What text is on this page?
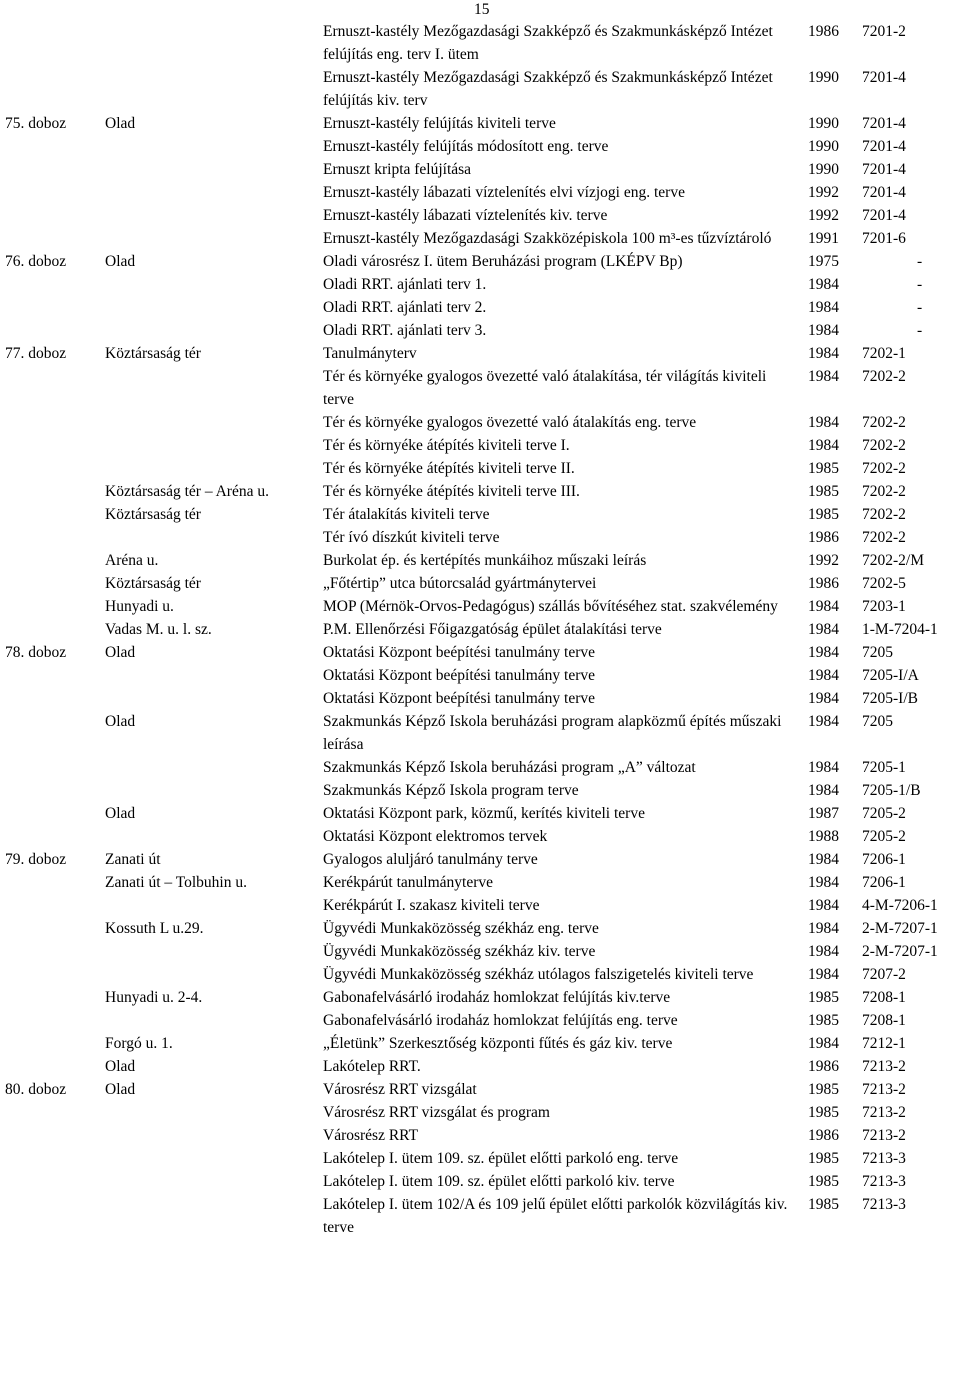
15
Ernuszt-kastély Mezőgazdasági Szakképző és Szakmunkásképző Intézet felújítás eng. terv I. ütem
1986 7201-2
Ernuszt-kastély Mezőgazdasági Szakképző és Szakmunkásképző Intézet felújítás kiv. terv
1990 7201-4
75. doboz	Olad	Ernuszt-kastély felújítás kiviteli terve	1990 7201-4
Ernuszt-kastély felújítás módosított eng. terve	1990 7201-4
Ernuszt kripta felújítása	1990 7201-4
Ernuszt-kastély lábazati víztelenítés elvi vízjogi eng. terve	1992 7201-4
Ernuszt-kastély lábazati víztelenítés kiv. terve	1992 7201-4
Ernuszt-kastély Mezőgazdasági Szakközépiskola 100 m³-es tűzvíztároló	1991 7201-6
76. doboz	Olad	Oladi városrész I. ütem Beruházási program (LKÉPV Bp)	1975	-
Oladi RRT. ajánlati terv 1.	1984	-
Oladi RRT. ajánlati terv 2.	1984	-
Oladi RRT. ajánlati terv 3.	1984	-
77. doboz	Köztársaság tér	Tanulmányterv	1984 7202-1
Tér és környéke gyalogos övezetté való átalakítása, tér világítás kiviteli terve
1984 7202-2
Tér és környéke gyalogos övezetté való átalakítás eng. terve	1984 7202-2
Tér és környéke átépítés kiviteli terve I.	1984 7202-2
Tér és környéke átépítés kiviteli terve II.	1985 7202-2
Köztársaság tér – Aréna u.	Tér és környéke átépítés kiviteli terve III.	1985 7202-2
Köztársaság tér	Tér átalakítás kiviteli terve	1985 7202-2
Tér ívó díszkút kiviteli terve	1986 7202-2
Aréna u.	Burkolat ép. és kertépítés munkáihoz műszaki leírás	1992 7202-2/M
Köztársaság tér	„Főtértip” utca bútorcsalád gyártmánytervei	1986 7202-5
Hunyadi u.	MOP (Mérnök-Orvos-Pedagógus) szállás bővítéséhez stat. szakvélemény	1984 7203-1
Vadas M. u. l. sz.	P.M. Ellenőrzési Főigazgatóság épület átalakítási terve	1984 1-M-7204-1
78. doboz	Olad	Oktatási Központ beépítési tanulmány terve	1984 7205
Oktatási Központ beépítési tanulmány terve	1984 7205-I/A
Oktatási Központ beépítési tanulmány terve	1984 7205-I/B
Olad	Szakmunkás Képző Iskola beruházási program alapközmű építés műszaki leírása
1984 7205
Szakmunkás Képző Iskola beruházási program „A” változat	1984 7205-1
Szakmunkás Képző Iskola program terve	1984 7205-1/B
Olad	Oktatási Központ park, közmű, kerítés kiviteli terve	1987 7205-2
Oktatási Központ elektromos tervek	1988 7205-2
79. doboz	Zanati út	Gyalogos aluljáró tanulmány terve	1984 7206-1
Zanati út – Tolbuhin u.	Kerékpárút tanulmányterve	1984 7206-1
Kerékpárút I. szakasz kiviteli terve	1984 4-M-7206-1
Kossuth L u.29.	Ügyvédi Munkaközösség székház eng. terve	1984 2-M-7207-1
Ügyvédi Munkaközösség székház kiv. terve	1984 2-M-7207-1
Ügyvédi Munkaközösség székház utólagos falszigetelés kiviteli terve	1984 7207-2
Hunyadi u. 2-4.	Gabonafelvásárló irodaház homlokzat felújítás kiv.terve	1985 7208-1
Gabonafelvásárló irodaház homlokzat felújítás eng. terve	1985 7208-1
Forgó u. 1.	„Életünk” Szerkesztőség központi fűtés és gáz kiv. terve	1984 7212-1
Olad	Lakótelep RRT.	1986 7213-2
80. doboz	Olad	Városrész RRT vizsgálat	1985 7213-2
Városrész RRT vizsgálat és program	1985 7213-2
Városrész RRT	1986 7213-2
Lakótelep I. ütem 109. sz. épület előtti parkoló eng. terve	1985 7213-3
Lakótelep I. ütem 109. sz. épület előtti parkoló kiv. terve	1985 7213-3
Lakótelep I. ütem 102/A és 109 jelű épület előtti parkolók közvilágítás kiv. terve
1985 7213-3
